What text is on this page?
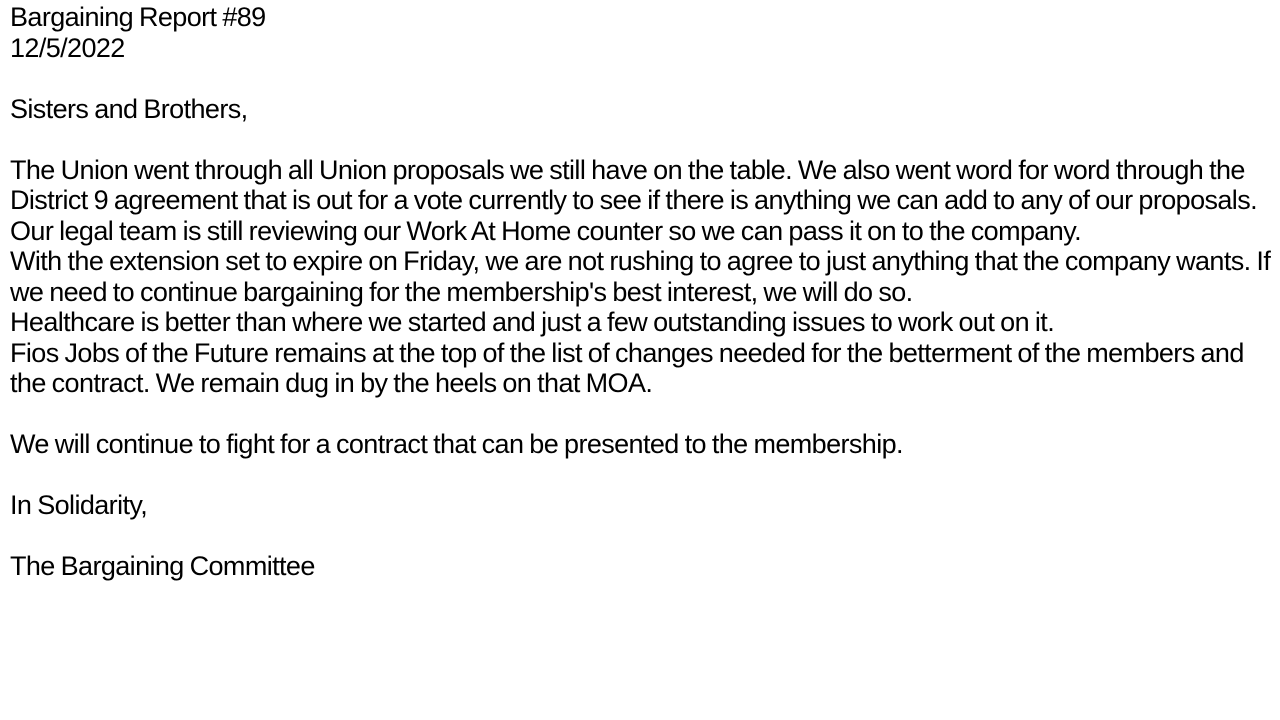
Bargaining Report #89

12/5/2022

Sisters and Brothers,

The Union went through all Union proposals we still have on the table. We also went word for word through the District 9 agreement that is out for a vote currently to see if there is anything we can add to any of our proposals. Our legal team is still reviewing our Work At Home counter so we can pass it on to the company.

With the extension set to expire on Friday, we are not rushing to agree to just anything that the company wants. If we need to continue bargaining for the membership's best interest, we will do so.

Healthcare is better than where we started and just a few outstanding issues to work out on it.

Fios Jobs of the Future remains at the top of the list of changes needed for the betterment of the members and the contract. We remain dug in by the heels on that MOA.

We will continue to fight for a contract that can be presented to the membership.

In Solidarity,

The Bargaining Committee
